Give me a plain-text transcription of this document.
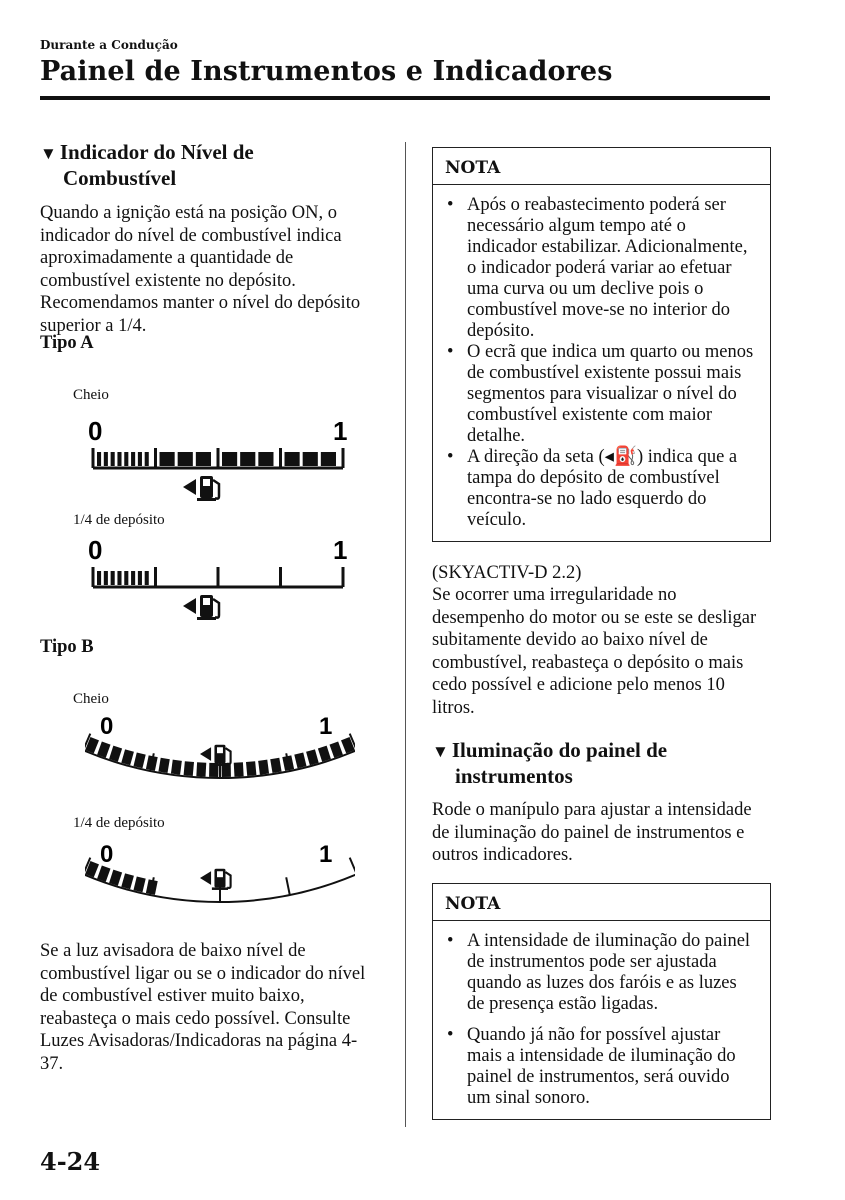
Durante a Condução
Painel de Instrumentos e Indicadores
▼ Indicador do Nível de
Combustível
Quando a ignição está na posição ON, o indicador do nível de combustível indica aproximadamente a quantidade de combustível existente no depósito. Recomendamos manter o nível do depósito superior a 1/4.
Tipo A
Cheio
0	1
1/4 de depósito
0	1
Tipo B
Cheio
0	1
1/4 de depósito
0	1
Se a luz avisadora de baixo nível de combustível ligar ou se o indicador do nível de combustível estiver muito baixo, reabasteça o mais cedo possível. Consulte Luzes Avisadoras/Indicadoras na página 4-37.
NOTA
• Após o reabastecimento poderá ser necessário algum tempo até o indicador estabilizar. Adicionalmente, o indicador poderá variar ao efetuar uma curva ou um declive pois o combustível move-se no interior do depósito.
• O ecrã que indica um quarto ou menos de combustível existente possui mais segmentos para visualizar o nível do combustível existente com maior detalhe.
• A direção da seta (◂⛽) indica que a tampa do depósito de combustível encontra-se no lado esquerdo do veículo.
(SKYACTIV-D 2.2)
Se ocorrer uma irregularidade no desempenho do motor ou se este se desligar subitamente devido ao baixo nível de combustível, reabasteça o depósito o mais cedo possível e adicione pelo menos 10 litros.
▼ Iluminação do painel de
instrumentos
Rode o manípulo para ajustar a intensidade de iluminação do painel de instrumentos e outros indicadores.
NOTA
• A intensidade de iluminação do painel de instrumentos pode ser ajustada quando as luzes dos faróis e as luzes de presença estão ligadas.
• Quando já não for possível ajustar mais a intensidade de iluminação do painel de instrumentos, será ouvido um sinal sonoro.
4-24
